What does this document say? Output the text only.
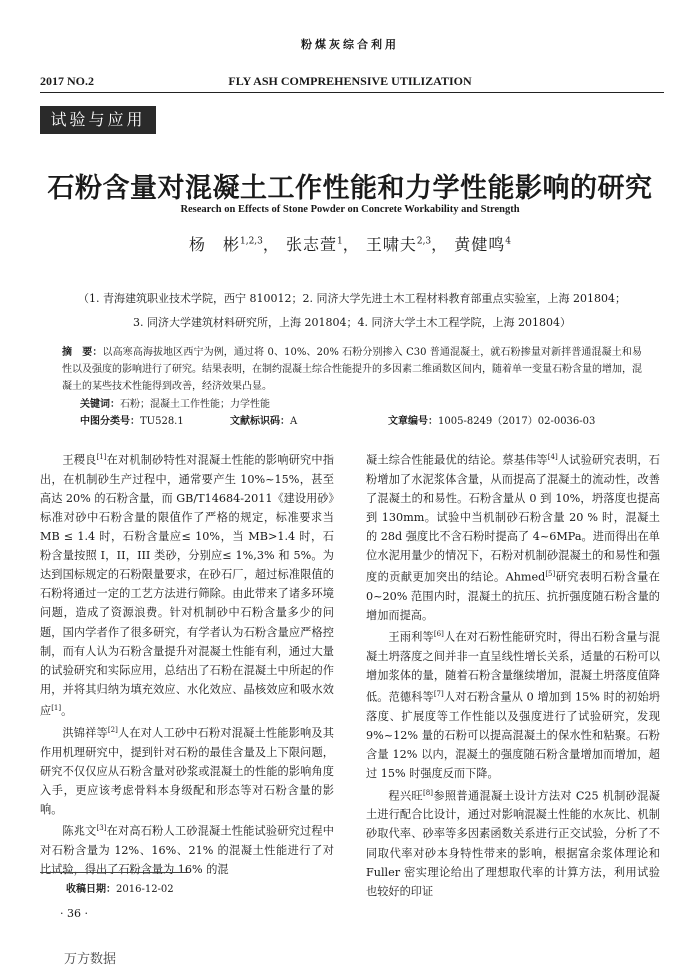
粉煤灰综合利用
2017 NO.2	FLY ASH COMPREHENSIVE UTILIZATION
试验与应用
石粉含量对混凝土工作性能和力学性能影响的研究
Research on Effects of Stone Powder on Concrete Workability and Strength
杨　彬$^{1,2,3}$， 张志萱$^1$， 王啸夫$^{2,3}$， 黄健鸣$^4$
（1. 青海建筑职业技术学院，西宁 810012；2. 同济大学先进土木工程材料教育部重点实验室，上海 201804；
3. 同济大学建筑材料研究所，上海 201804；4. 同济大学土木工程学院，上海 201804）
摘　要：以高寒高海拔地区西宁为例，通过将 0、10%、20% 石粉分别掺入 C30 普通混凝土，就石粉掺量对新拌普通混凝土和易性以及强度的影响进行了研究。结果表明，在制约混凝土综合性能提升的多因素二维函数区间内，随着单一变量石粉含量的增加，混凝土的某些技术性能得到改善，经济效果凸显。
关键词：石粉；混凝土工作性能；力学性能
中图分类号：TU528.1	文献标识码：A	文章编号：1005-8249（2017）02-0036-03

王稷良[1]在对机制砂特性对混凝土性能的影响研究中指出，在机制砂生产过程中，通常要产生 10%~15%，甚至高达 20% 的石粉含量，而 GB/T14684-2011《建设用砂》标准对砂中石粉含量的限值作了严格的规定，标准要求当 MB ≤ 1.4 时，石粉含量应≤ 10%，当 MB>1.4 时，石粉含量按照 I，II，III 类砂，分别应≤ 1%,3% 和 5%。为达到国标规定的石粉限量要求，在砂石厂，超过标准限值的石粉将通过一定的工艺方法进行筛除。由此带来了诸多环境问题，造成了资源浪费。针对机制砂中石粉含量多少的问题，国内学者作了很多研究，有学者认为石粉含量应严格控制，而有人认为石粉含量提升对混凝土性能有利，通过大量的试验研究和实际应用，总结出了石粉在混凝土中所起的作用，并将其归纳为填充效应、水化效应、晶核效应和吸水效应[1]。

洪锦祥等[2]人在对人工砂中石粉对混凝土性能影响及其作用机理研究中，提到针对石粉的最佳含量及上下限问题，研究不仅仅应从石粉含量对砂浆或混凝土的性能的影响角度入手，更应该考虑骨料本身级配和形态等对石粉含量的影响。

陈兆文[3]在对高石粉人工砂混凝土性能试验研究过程中对石粉含量为 12%、16%、21% 的混凝土性能进行了对比试验，得出了石粉含量为 16% 的混

凝土综合性能最优的结论。蔡基伟等[4]人试验研究表明，石粉增加了水泥浆体含量，从而提高了混凝土的流动性，改善了混凝土的和易性。石粉含量从 0 到 10%，坍落度也提高到 130mm。试验中当机制砂石粉含量 20 % 时，混凝土的 28d 强度比不含石粉时提高了 4~6MPa。进而得出在单位水泥用量少的情况下，石粉对机制砂混凝土的和易性和强度的贡献更加突出的结论。Ahmed[5]研究表明石粉含量在 0~20% 范围内时，混凝土的抗压、抗折强度随石粉含量的增加而提高。

王雨利等[6]人在对石粉性能研究时，得出石粉含量与混凝土坍落度之间并非一直呈线性增长关系，适量的石粉可以增加浆体的量，随着石粉含量继续增加，混凝土坍落度值降低。范德科等[7]人对石粉含量从 0 增加到 15% 时的初始坍落度、扩展度等工作性能以及强度进行了试验研究，发现 9%~12% 量的石粉可以提高混凝土的保水性和粘聚。石粉含量 12% 以内，混凝土的强度随石粉含量增加而增加，超过 15% 时强度反而下降。

程兴旺[8]参照普通混凝土设计方法对 C25 机制砂混凝土进行配合比设计，通过对影响混凝土性能的水灰比、机制砂取代率、砂率等多因素函数关系进行正交试验，分析了不同取代率对砂本身特性带来的影响，根据富余浆体理论和 Fuller 密实理论给出了理想取代率的计算方法，利用试验也较好的印证

收稿日期：2016-12-02
· 36 ·
万方数据
